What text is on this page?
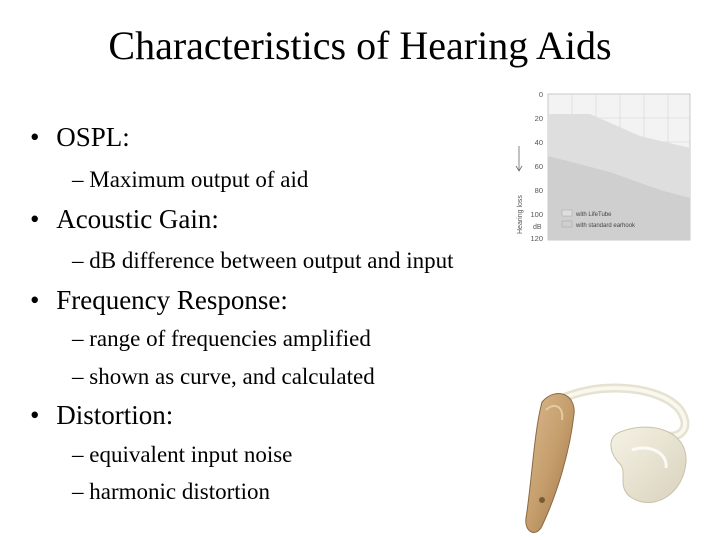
Characteristics of Hearing Aids
• OSPL:
– Maximum output of aid
• Acoustic Gain:
– dB difference between output and input
• Frequency Response:
– range of frequencies amplified
– shown as curve, and calculated
• Distortion:
– equivalent input noise
– harmonic distortion
0
20
40
60
80
100
120
dB
Hearing loss	with LifeTube
with standard earhook
